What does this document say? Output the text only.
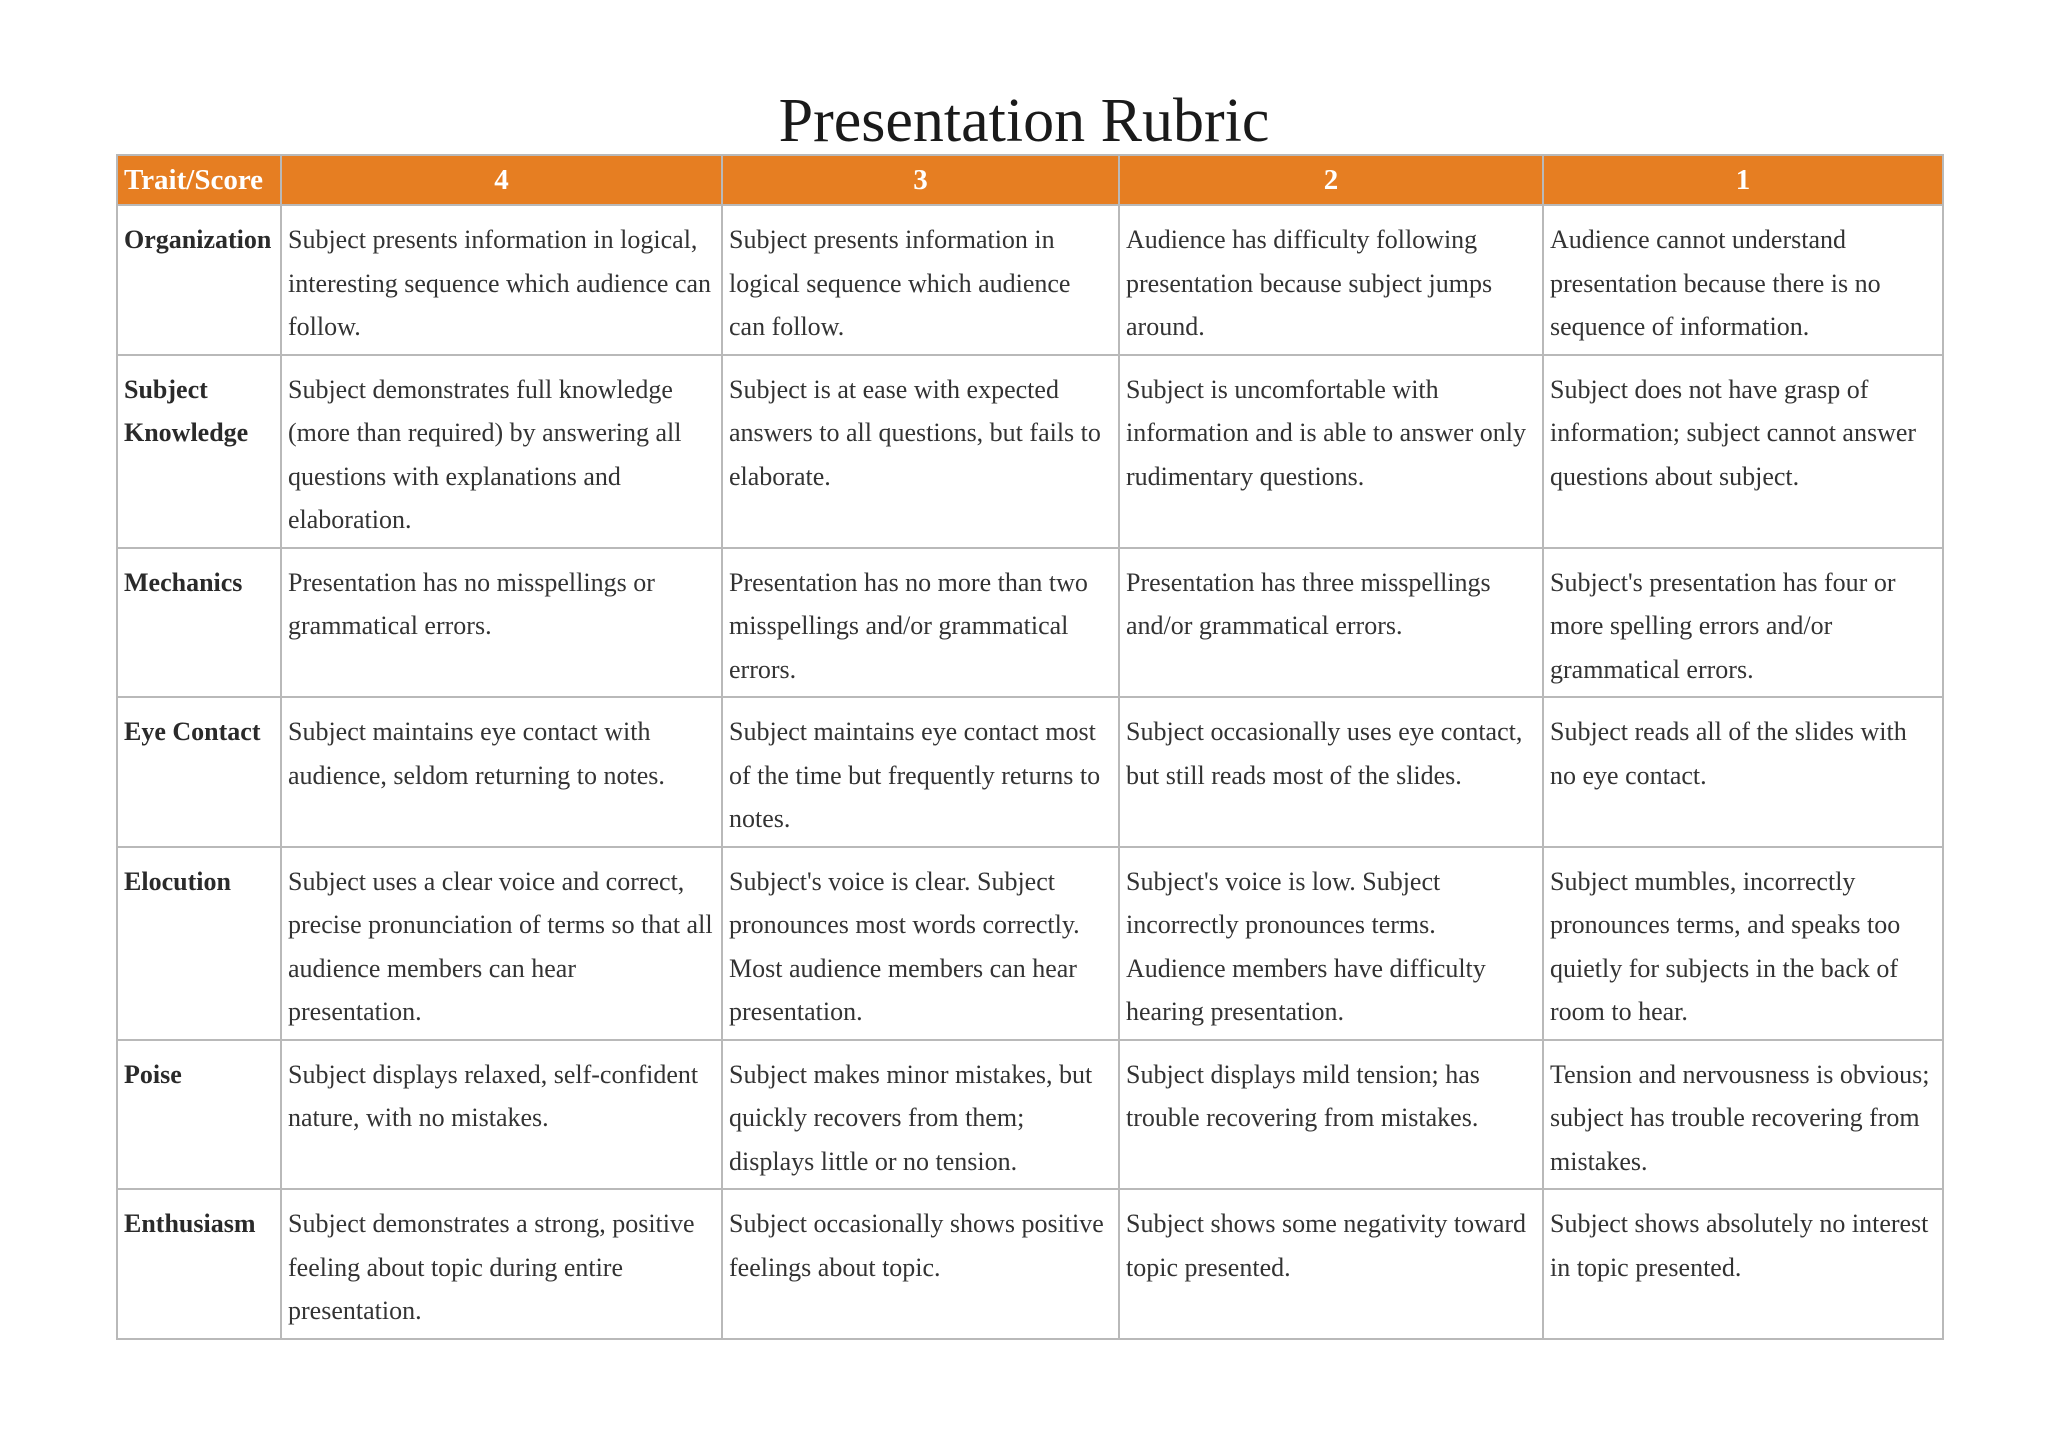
Presentation Rubric
Trait/Score	4	3	2	1
Organization	Subject presents information in logical, interesting sequence which audience can follow.	Subject presents information in logical sequence which audience can follow.	Audience has difficulty following presentation because subject jumps around.	Audience cannot understand presentation because there is no sequence of information.
Subject Knowledge	Subject demonstrates full knowledge (more than required) by answering all questions with explanations and elaboration.	Subject is at ease with expected answers to all questions, but fails to elaborate.	Subject is uncomfortable with information and is able to answer only rudimentary questions.	Subject does not have grasp of information; subject cannot answer questions about subject.
Mechanics	Presentation has no misspellings or grammatical errors.	Presentation has no more than two misspellings and/or grammatical errors.	Presentation has three misspellings and/or grammatical errors.	Subject's presentation has four or more spelling errors and/or grammatical errors.
Eye Contact	Subject maintains eye contact with audience, seldom returning to notes.	Subject maintains eye contact most of the time but frequently returns to notes.	Subject occasionally uses eye contact, but still reads most of the slides.	Subject reads all of the slides with no eye contact.
Elocution	Subject uses a clear voice and correct, precise pronunciation of terms so that all audience members can hear presentation.	Subject's voice is clear. Subject pronounces most words correctly. Most audience members can hear presentation.	Subject's voice is low. Subject incorrectly pronounces terms. Audience members have difficulty hearing presentation.	Subject mumbles, incorrectly pronounces terms, and speaks too quietly for subjects in the back of room to hear.
Poise	Subject displays relaxed, self-confident nature, with no mistakes.	Subject makes minor mistakes, but quickly recovers from them; displays little or no tension.	Subject displays mild tension; has trouble recovering from mistakes.	Tension and nervousness is obvious; subject has trouble recovering from mistakes.
Enthusiasm	Subject demonstrates a strong, positive feeling about topic during entire presentation.	Subject occasionally shows positive feelings about topic.	Subject shows some negativity toward topic presented.	Subject shows absolutely no interest in topic presented.
